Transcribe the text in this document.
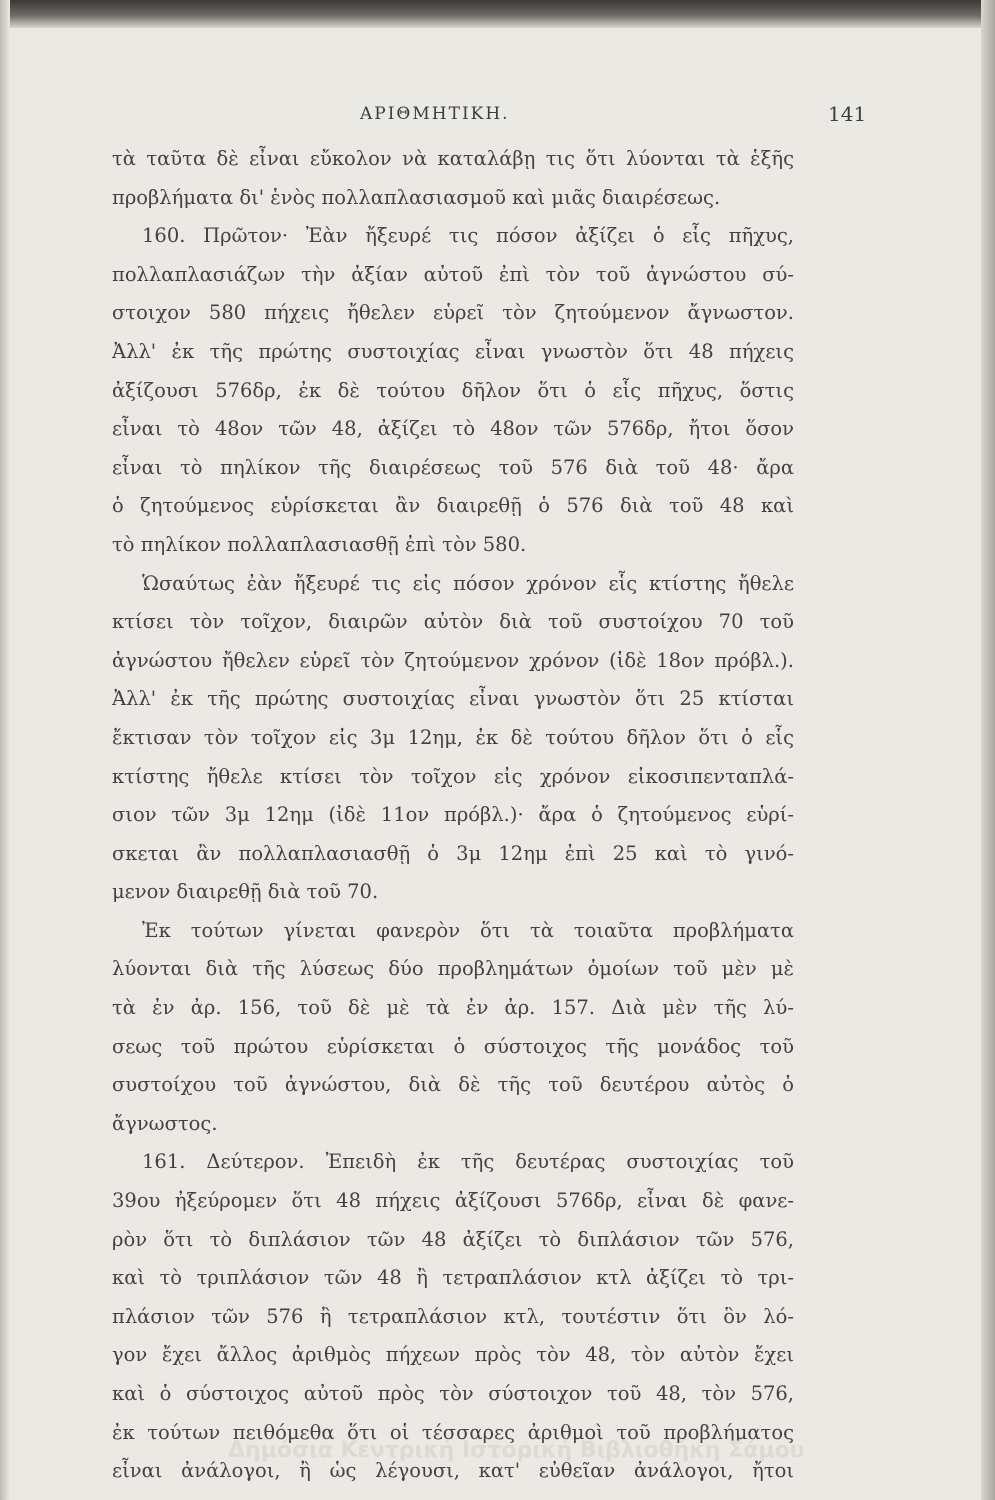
ΑΡΙΘΜΗΤΙΚΗ.	141
τὰ ταῦτα δὲ εἶναι εὔκολον νὰ καταλάβῃ τις ὅτι λύονται τὰ ἑξῆς
προβλήματα δι' ἑνὸς πολλαπλασιασμοῦ καὶ μιᾶς διαιρέσεως.
160. Πρῶτον· Ἐὰν ἤξευρέ τις πόσον ἀξίζει ὁ εἷς πῆχυς,
πολλαπλασιάζων τὴν ἀξίαν αὐτοῦ ἐπὶ τὸν τοῦ ἀγνώστου σύ-
στοιχον 580 πήχεις ἤθελεν εὑρεῖ τὸν ζητούμενον ἄγνωστον.
Ἀλλ' ἐκ τῆς πρώτης συστοιχίας εἶναι γνωστὸν ὅτι 48 πήχεις
ἀξίζουσι 576δρ, ἐκ δὲ τούτου δῆλον ὅτι ὁ εἷς πῆχυς, ὅστις
εἶναι τὸ 48ον τῶν 48, ἀξίζει τὸ 48ον τῶν 576δρ, ἤτοι ὅσον
εἶναι τὸ πηλίκον τῆς διαιρέσεως τοῦ 576 διὰ τοῦ 48· ἄρα
ὁ ζητούμενος εὑρίσκεται ἂν διαιρεθῇ ὁ 576 διὰ τοῦ 48 καὶ
τὸ πηλίκον πολλαπλασιασθῇ ἐπὶ τὸν 580.
Ὡσαύτως ἐὰν ἤξευρέ τις εἰς πόσον χρόνον εἷς κτίστης ἤθελε
κτίσει τὸν τοῖχον, διαιρῶν αὐτὸν διὰ τοῦ συστοίχου 70 τοῦ
ἀγνώστου ἤθελεν εὑρεῖ τὸν ζητούμενον χρόνον (ἰδὲ 18ον πρόβλ.).
Ἀλλ' ἐκ τῆς πρώτης συστοιχίας εἶναι γνωστὸν ὅτι 25 κτίσται
ἔκτισαν τὸν τοῖχον εἰς 3μ 12ημ, ἐκ δὲ τούτου δῆλον ὅτι ὁ εἷς
κτίστης ἤθελε κτίσει τὸν τοῖχον εἰς χρόνον εἰκοσιπενταπλά-
σιον τῶν 3μ 12ημ (ἰδὲ 11ον πρόβλ.)· ἄρα ὁ ζητούμενος εὑρί-
σκεται ἂν πολλαπλασιασθῇ ὁ 3μ 12ημ ἐπὶ 25 καὶ τὸ γινό-
μενον διαιρεθῇ διὰ τοῦ 70.
Ἐκ τούτων γίνεται φανερὸν ὅτι τὰ τοιαῦτα προβλήματα
λύονται διὰ τῆς λύσεως δύο προβλημάτων ὁμοίων τοῦ μὲν μὲ
τὰ ἐν ἀρ. 156, τοῦ δὲ μὲ τὰ ἐν ἀρ. 157. Διὰ μὲν τῆς λύ-
σεως τοῦ πρώτου εὑρίσκεται ὁ σύστοιχος τῆς μονάδος τοῦ
συστοίχου τοῦ ἀγνώστου, διὰ δὲ τῆς τοῦ δευτέρου αὐτὸς ὁ
ἄγνωστος.
161. Δεύτερον. Ἐπειδὴ ἐκ τῆς δευτέρας συστοιχίας τοῦ
39ου ἠξεύρομεν ὅτι 48 πήχεις ἀξίζουσι 576δρ, εἶναι δὲ φανε-
ρὸν ὅτι τὸ διπλάσιον τῶν 48 ἀξίζει τὸ διπλάσιον τῶν 576,
καὶ τὸ τριπλάσιον τῶν 48 ἢ τετραπλάσιον κτλ ἀξίζει τὸ τρι-
πλάσιον τῶν 576 ἢ τετραπλάσιον κτλ, τουτέστιν ὅτι ὃν λό-
γον ἔχει ἄλλος ἀριθμὸς πήχεων πρὸς τὸν 48, τὸν αὐτὸν ἔχει
καὶ ὁ σύστοιχος αὐτοῦ πρὸς τὸν σύστοιχον τοῦ 48, τὸν 576,
ἐκ τούτων πειθόμεθα ὅτι οἱ τέσσαρες ἀριθμοὶ τοῦ προβλήματος
εἶναι ἀνάλογοι, ἢ ὡς λέγουσι, κατ' εὐθεῖαν ἀνάλογοι, ἤτοι
Δημόσια Κεντρική Ιστορική Βιβλιοθήκη Σάμου
